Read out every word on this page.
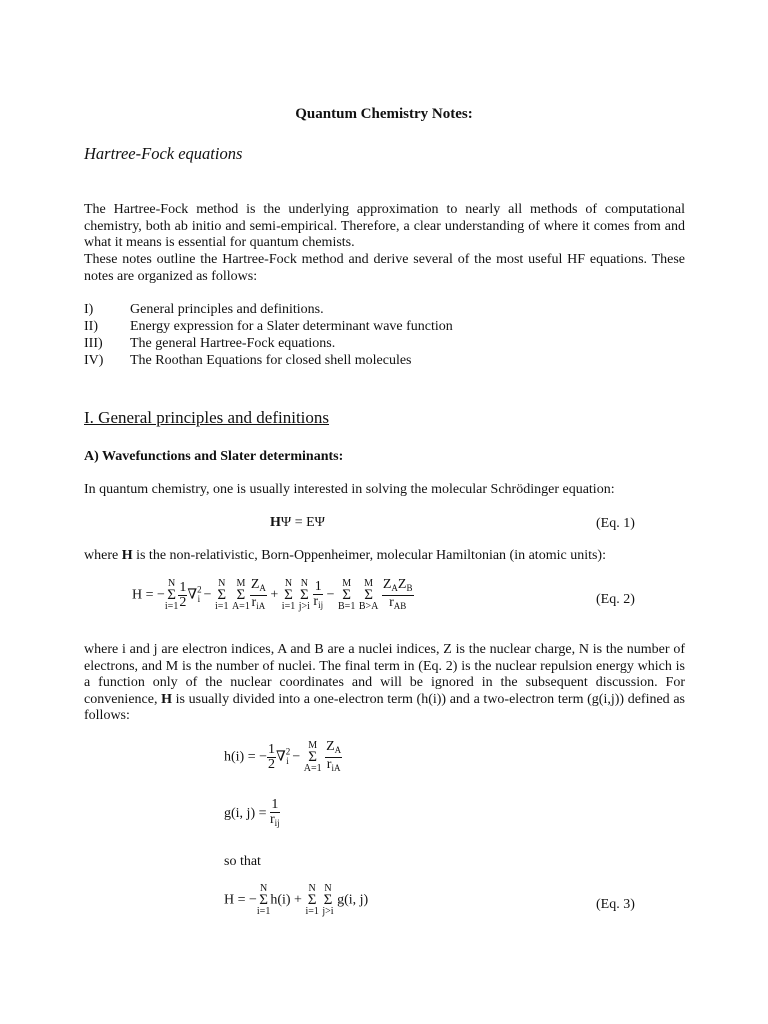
Quantum Chemistry Notes:
Hartree-Fock equations
The Hartree-Fock method is the underlying approximation to nearly all methods of computational chemistry, both ab initio and semi-empirical. Therefore, a clear understanding of where it comes from and what it means is essential for quantum chemists.
These notes outline the Hartree-Fock method and derive several of the most useful HF equations. These notes are organized as follows:
I)	General principles and definitions.
II) Energy expression for a Slater determinant wave function
III) The general Hartree-Fock equations.
IV) The Roothan Equations for closed shell molecules
I. General principles and definitions
A) Wavefunctions and Slater determinants:
In quantum chemistry, one is usually interested in solving the molecular Schrödinger equation:
HΨ = EΨ	(Eq. 1)
where H is the non-relativistic, Born-Oppenheimer, molecular Hamiltonian (in atomic units):
H = −
N
Σ
$i=1 \frac{1}{2} \nabla^2_i$ −
N
Σ
i=1

M
Σ
$A=1 \frac{Z_A}{r_{iA}}$ +
N
Σ
i=1

N
Σ
j>i
$\frac{1}{r_{ij}}$ −
M
Σ
B=1

M
Σ
B>A
$\frac{Z_AZ_B}{r_{AB}}$	(Eq. 2)
where i and j are electron indices, A and B are a nuclei indices, Z is the nuclear charge, N is the number of electrons, and M is the number of nuclei. The final term in (Eq. 2) is the nuclear repulsion energy which is a function only of the nuclear coordinates and will be ignored in the subsequent discussion. For convenience, H is usually divided into a one-electron term (h(i)) and a two-electron term (g(i,j)) defined as follows:
h(i) = − $\frac{1}{2} \nabla^2_i$ −
M
Σ
A=1
$\frac{Z_A}{r_{iA}}$
g(i, $j) = \frac{1}{r_{ij}}$
so that
H = −
N
Σ
i=1
h(i) +
N
Σ
i=1

N
Σ
j>i
g(i, j)	(Eq. 3)
